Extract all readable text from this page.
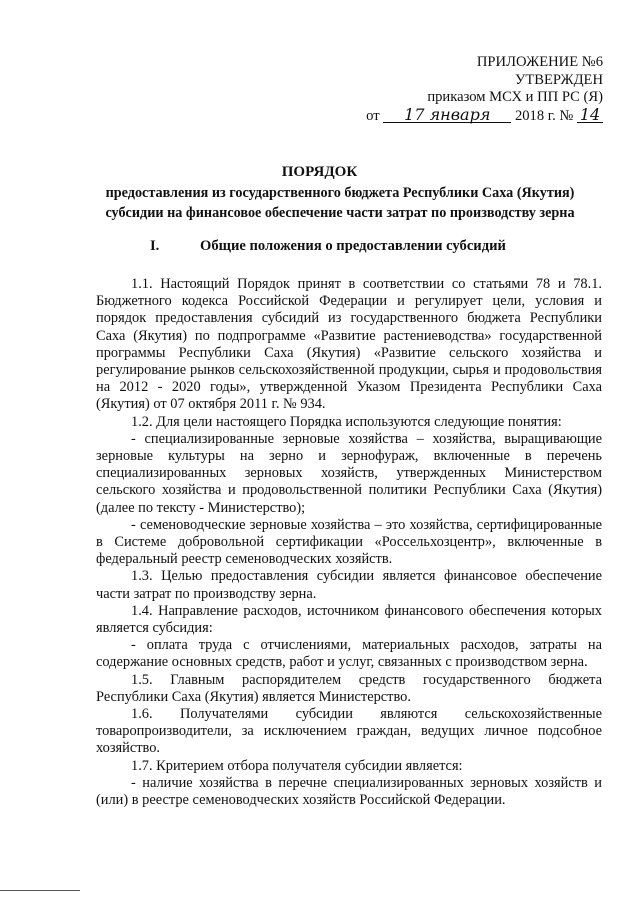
ПРИЛОЖЕНИЕ №6
УТВЕРЖДЕН
приказом МСХ и ПП РС (Я)
от 17 января 2018 г. № 14
ПОРЯДОК
предоставления из государственного бюджета Республики Саха (Якутия)
субсидии на финансовое обеспечение части затрат по производству зерна
I.	Общие положения о предоставлении субсидий

1.1. Настоящий Порядок принят в соответствии со статьями 78 и 78.1. Бюджетного кодекса Российской Федерации и регулирует цели, условия и порядок предоставления субсидий из государственного бюджета Республики Саха (Якутия) по подпрограмме «Развитие растениеводства» государственной программы Республики Саха (Якутия) «Развитие сельского хозяйства и регулирование рынков сельскохозяйственной продукции, сырья и продовольствия на 2012 - 2020 годы», утвержденной Указом Президента Республики Саха (Якутия) от 07 октября 2011 г. № 934.

1.2. Для цели настоящего Порядка используются следующие понятия:

- специализированные зерновые хозяйства – хозяйства, выращивающие зерновые культуры на зерно и зернофураж, включенные в перечень специализированных зерновых хозяйств, утвержденных Министерством сельского хозяйства и продовольственной политики Республики Саха (Якутия) (далее по тексту - Министерство);

- семеноводческие зерновые хозяйства – это хозяйства, сертифицированные в Системе добровольной сертификации «Россельхозцентр», включенные в федеральный реестр семеноводческих хозяйств.

1.3. Целью предоставления субсидии является финансовое обеспечение части затрат по производству зерна.

1.4. Направление расходов, источником финансового обеспечения которых является субсидия:

- оплата труда с отчислениями, материальных расходов, затраты на содержание основных средств, работ и услуг, связанных с производством зерна.

1.5. Главным распорядителем средств государственного бюджета Республики Саха (Якутия) является Министерство.

1.6. Получателями субсидии являются сельскохозяйственные товаропроизводители, за исключением граждан, ведущих личное подсобное хозяйство.

1.7. Критерием отбора получателя субсидии является:

- наличие хозяйства в перечне специализированных зерновых хозяйств и (или) в реестре семеноводческих хозяйств Российской Федерации.
